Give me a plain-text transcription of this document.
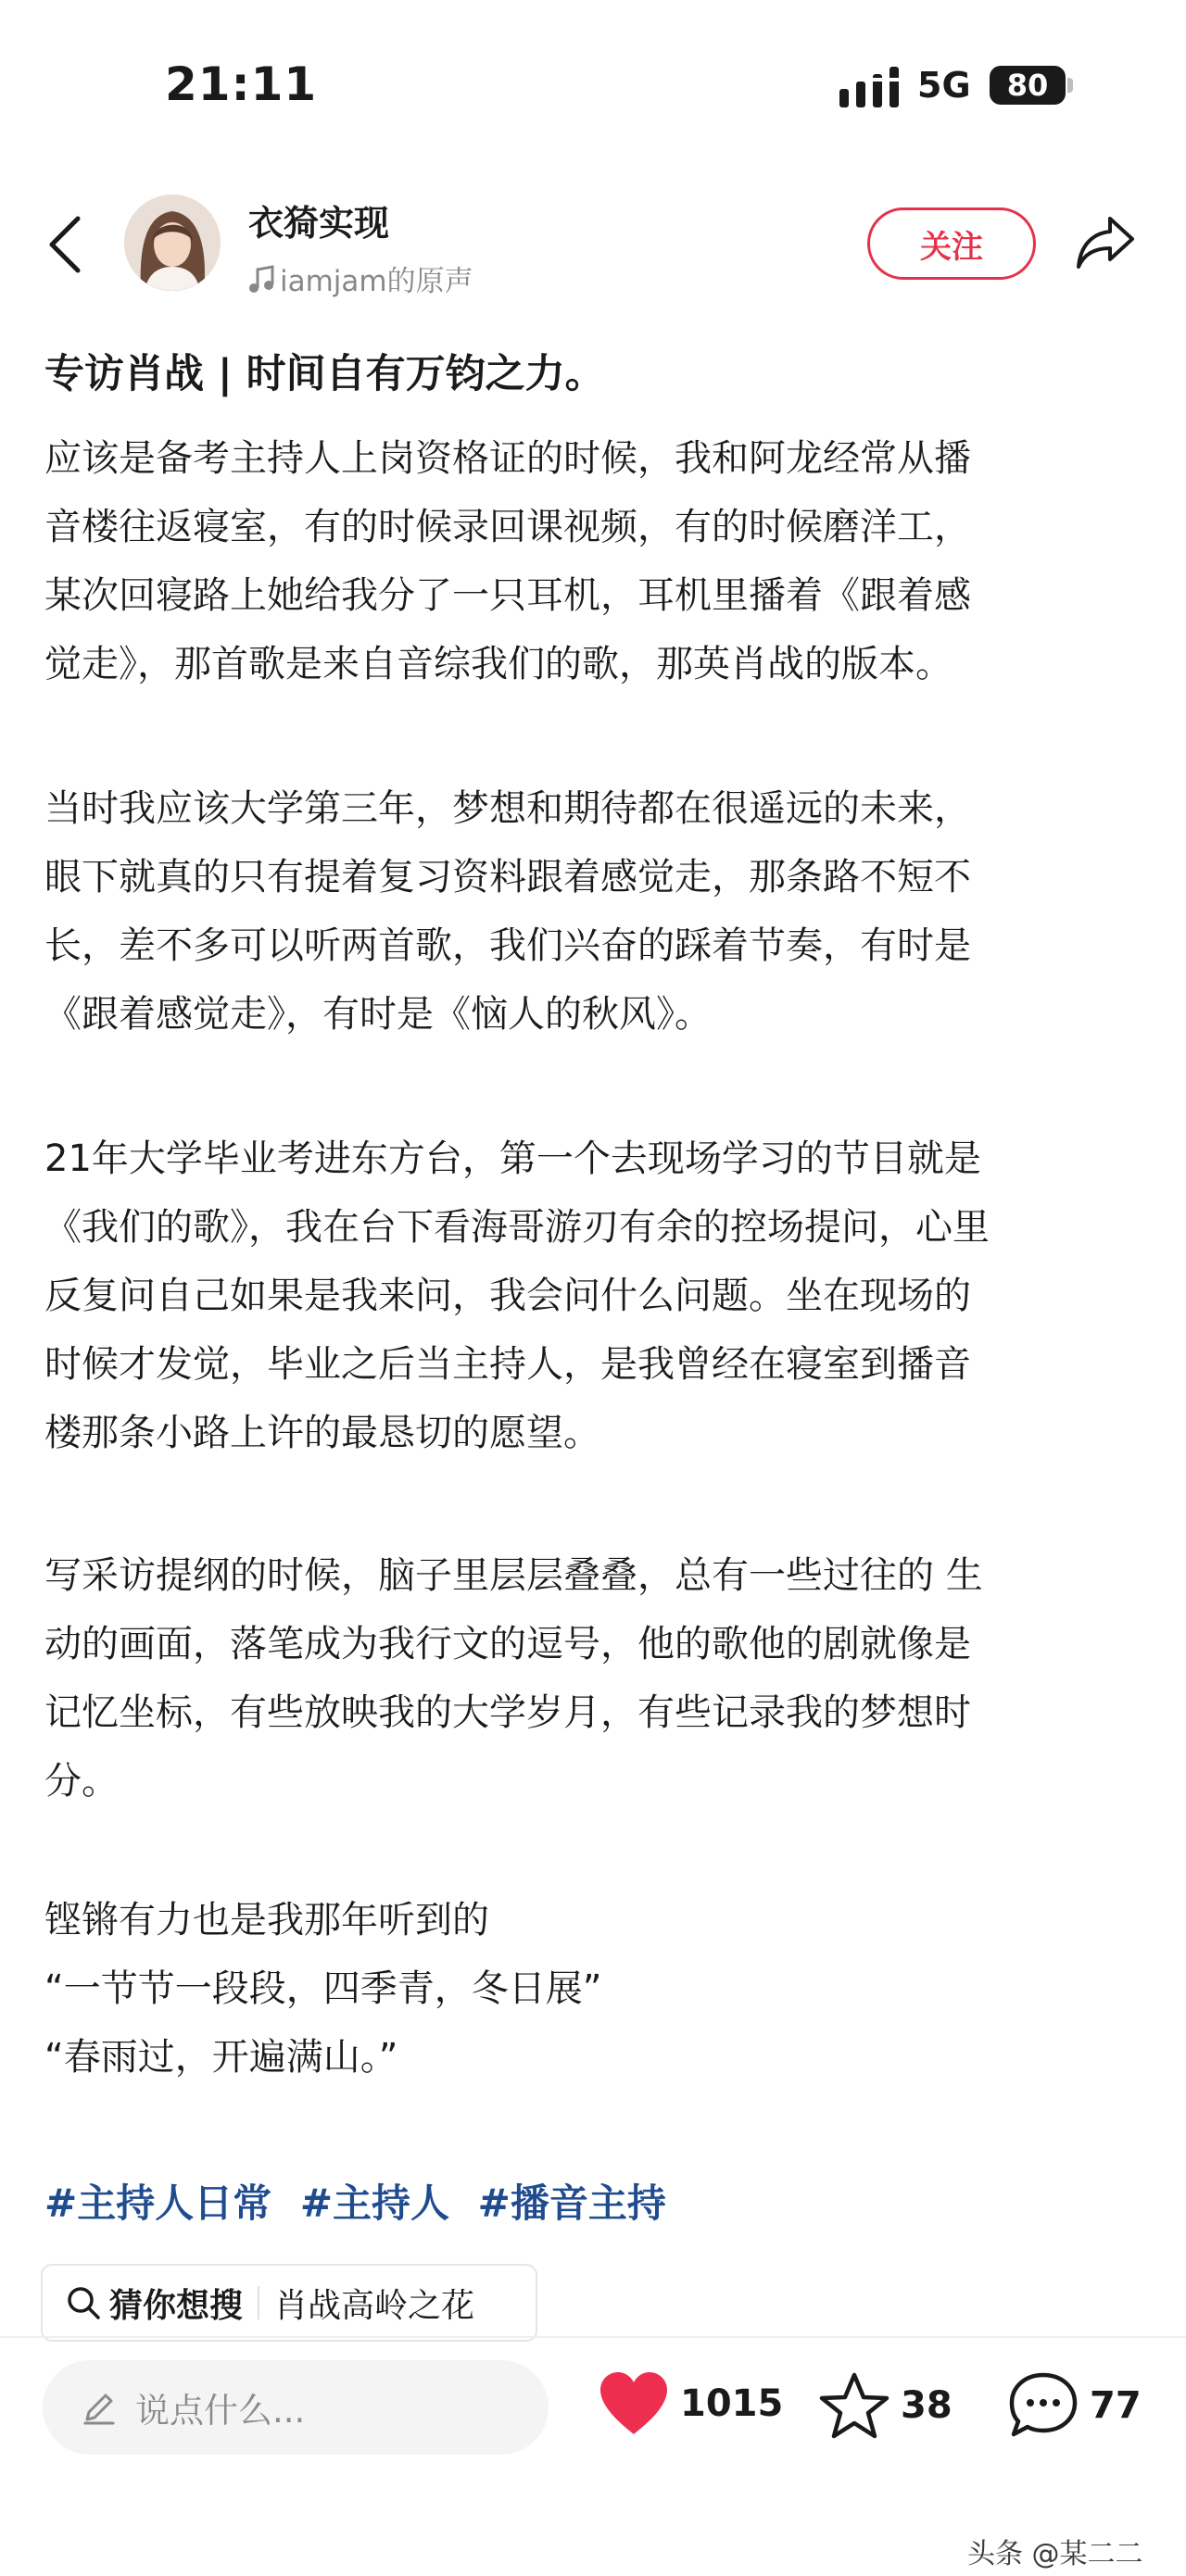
21:11	5G 80
衣猗实现
iamjam的原声
关注
专访肖战 | 时间自有万钧之力。

应该是备考主持人上岗资格证的时候，我和阿龙经常从播
音楼往返寝室，有的时候录回课视频，有的时候磨洋工，
某次回寝路上她给我分了一只耳机，耳机里播着《跟着感
觉走》，那首歌是来自音综我们的歌，那英肖战的版本。

当时我应该大学第三年，梦想和期待都在很遥远的未来，
眼下就真的只有提着复习资料跟着感觉走，那条路不短不
长，差不多可以听两首歌，我们兴奋的踩着节奏，有时是
《跟着感觉走》，有时是《恼人的秋风》。

21年大学毕业考进东方台，第一个去现场学习的节目就是
《我们的歌》，我在台下看海哥游刃有余的控场提问，心里
反复问自己如果是我来问，我会问什么问题。坐在现场的
时候才发觉，毕业之后当主持人，是我曾经在寝室到播音
楼那条小路上许的最恳切的愿望。

写采访提纲的时候，脑子里层层叠叠，总有一些过往的 生
动的画面，落笔成为我行文的逗号，他的歌他的剧就像是
记忆坐标，有些放映我的大学岁月，有些记录我的梦想时
分。

铿锵有力也是我那年听到的
“一节节一段段，四季青，冬日展”
“春雨过，开遍满山。”

#主持人日常 #主持人 #播音主持
猜你想搜 肖战高岭之花
说点什么...	1015	38	77
头条 @某二二
